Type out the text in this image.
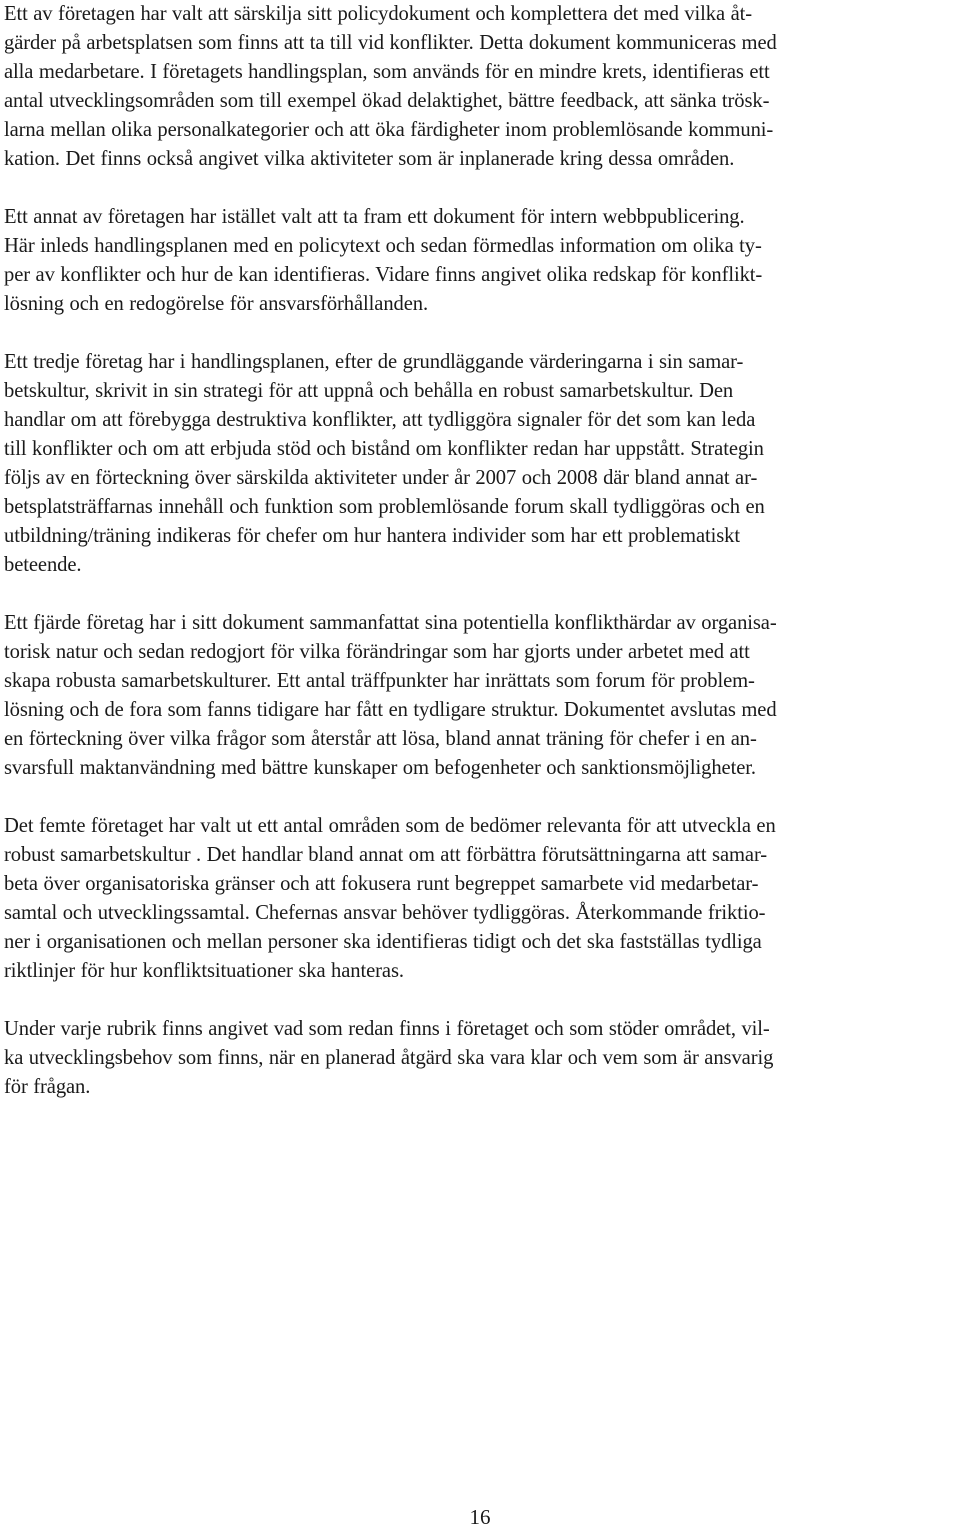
Ett av företagen har valt att särskilja sitt policydokument och komplettera det med vilka åt-
gärder på arbetsplatsen som finns att ta till vid konflikter. Detta dokument kommuniceras med
alla medarbetare. I företagets handlingsplan, som används för en mindre krets, identifieras ett
antal utvecklingsområden som till exempel ökad delaktighet, bättre feedback, att sänka trösk-
larna mellan olika personalkategorier och att öka färdigheter inom problemlösande kommuni-
kation. Det finns också angivet vilka aktiviteter som är inplanerade kring dessa områden.

Ett annat av företagen har istället valt att ta fram ett dokument för intern webbpublicering.
Här inleds handlingsplanen med en policytext och sedan förmedlas information om olika ty-
per av konflikter och hur de kan identifieras. Vidare finns angivet olika redskap för konflikt-
lösning och en redogörelse för ansvarsförhållanden.

Ett tredje företag har i handlingsplanen, efter de grundläggande värderingarna i sin samar-
betskultur, skrivit in sin strategi för att uppnå och behålla en robust samarbetskultur. Den
handlar om att förebygga destruktiva konflikter, att tydliggöra signaler för det som kan leda
till konflikter och om att erbjuda stöd och bistånd om konflikter redan har uppstått. Strategin
följs av en förteckning över särskilda aktiviteter under år 2007 och 2008 där bland annat ar-
betsplatsträffarnas innehåll och funktion som problemlösande forum skall tydliggöras och en
utbildning/träning indikeras för chefer om hur hantera individer som har ett problematiskt
beteende.

Ett fjärde företag har i sitt dokument sammanfattat sina potentiella konflikthärdar av organisa-
torisk natur och sedan redogjort för vilka förändringar som har gjorts under arbetet med att
skapa robusta samarbetskulturer. Ett antal träffpunkter har inrättats som forum för problem-
lösning och de fora som fanns tidigare har fått en tydligare struktur. Dokumentet avslutas med
en förteckning över vilka frågor som återstår att lösa, bland annat träning för chefer i en an-
svarsfull maktanvändning med bättre kunskaper om befogenheter och sanktionsmöjligheter.

Det femte företaget har valt ut ett antal områden som de bedömer relevanta för att utveckla en
robust samarbetskultur . Det handlar bland annat om att förbättra förutsättningarna att samar-
beta över organisatoriska gränser och att fokusera runt begreppet samarbete vid medarbetar-
samtal och utvecklingssamtal. Chefernas ansvar behöver tydliggöras. Återkommande friktio-
ner i organisationen och mellan personer ska identifieras tidigt och det ska fastställas tydliga
riktlinjer för hur konfliktsituationer ska hanteras.

Under varje rubrik finns angivet vad som redan finns i företaget och som stöder området, vil-
ka utvecklingsbehov som finns, när en planerad åtgärd ska vara klar och vem som är ansvarig
för frågan.

16
